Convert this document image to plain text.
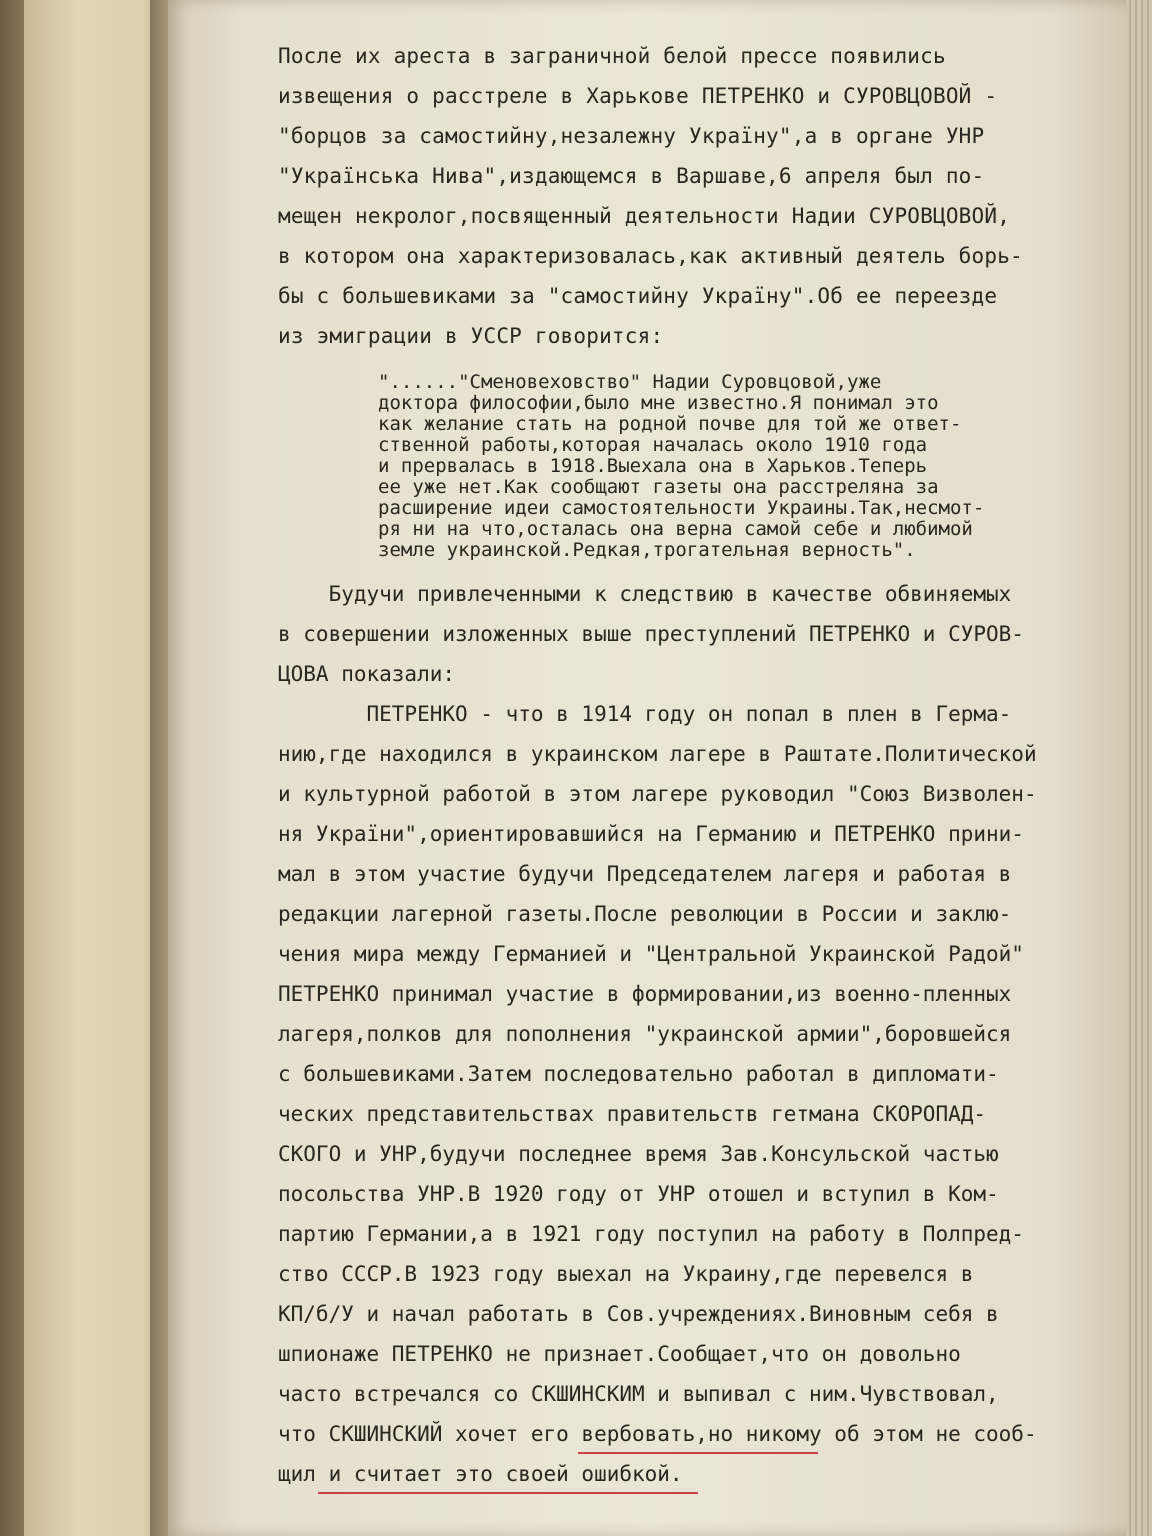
После их ареста в заграничной белой прессе появились
извещения о расстреле в Харькове ПЕТРЕНКО и СУРОВЦОВОЙ -
"борцов за самостийну,незалежну Украïну",а в органе УНР
"Українська Нива",издающемся в Варшаве,6 апреля был по-
мещен некролог,посвященный деятельности Надии СУРОВЦОВОЙ,
в котором она характеризовалась,как активный деятель борь-
бы с большевиками за "самостийну Украïну".Об ее переезде
из эмиграции в УССР говорится:
"......"Сменовеховство" Надии Суровцовой,уже
доктора философии,было мне известно.Я понимал это
как желание стать на родной почве для той же ответ-
ственной работы,которая началась около 1910 года
и прервалась в 1918.Выехала она в Харьков.Теперь
ее уже нет.Как сообщают газеты она расстреляна за
расширение идеи самостоятельности Украины.Так,несмот-
ря ни на что,осталась она верна самой себе и любимой
земле украинской.Редкая,трогательная верность".
Будучи привлеченными к следствию в качестве обвиняемых
в совершении изложенных выше преступлений ПЕТРЕНКО и СУРОВ-
ЦОВА показали:
ПЕТРЕНКО - что в 1914 году он попал в плен в Герма-
нию,где находился в украинском лагере в Раштате.Политической
и культурной работой в этом лагере руководил "Союз Визволен-
ня Украïни",ориентировавшийся на Германию и ПЕТРЕНКО прини-
мал в этом участие будучи Председателем лагеря и работая в
редакции лагерной газеты.После революции в России и заклю-
чения мира между Германией и "Центральной Украинской Радой"
ПЕТРЕНКО принимал участие в формировании,из военно-пленных
лагеря,полков для пополнения "украинской армии",боровшейся
с большевиками.Затем последовательно работал в дипломати-
ческих представительствах правительств гетмана СКОРОПАД-
СКОГО и УНР,будучи последнее время Зав.Консульской частью
посольства УНР.В 1920 году от УНР отошел и вступил в Ком-
партию Германии,а в 1921 году поступил на работу в Полпред-
ство СССР.В 1923 году выехал на Украину,где перевелся в
КП/б/У и начал работать в Сов.учреждениях.Виновным себя в
шпионаже ПЕТРЕНКО не признает.Сообщает,что он довольно
часто встречался со СКШИНСКИМ и выпивал с ним.Чувствовал,
что СКШИНСКИЙ хочет его вербовать,но никому об этом не сооб-
щил и считает это своей ошибкой.
